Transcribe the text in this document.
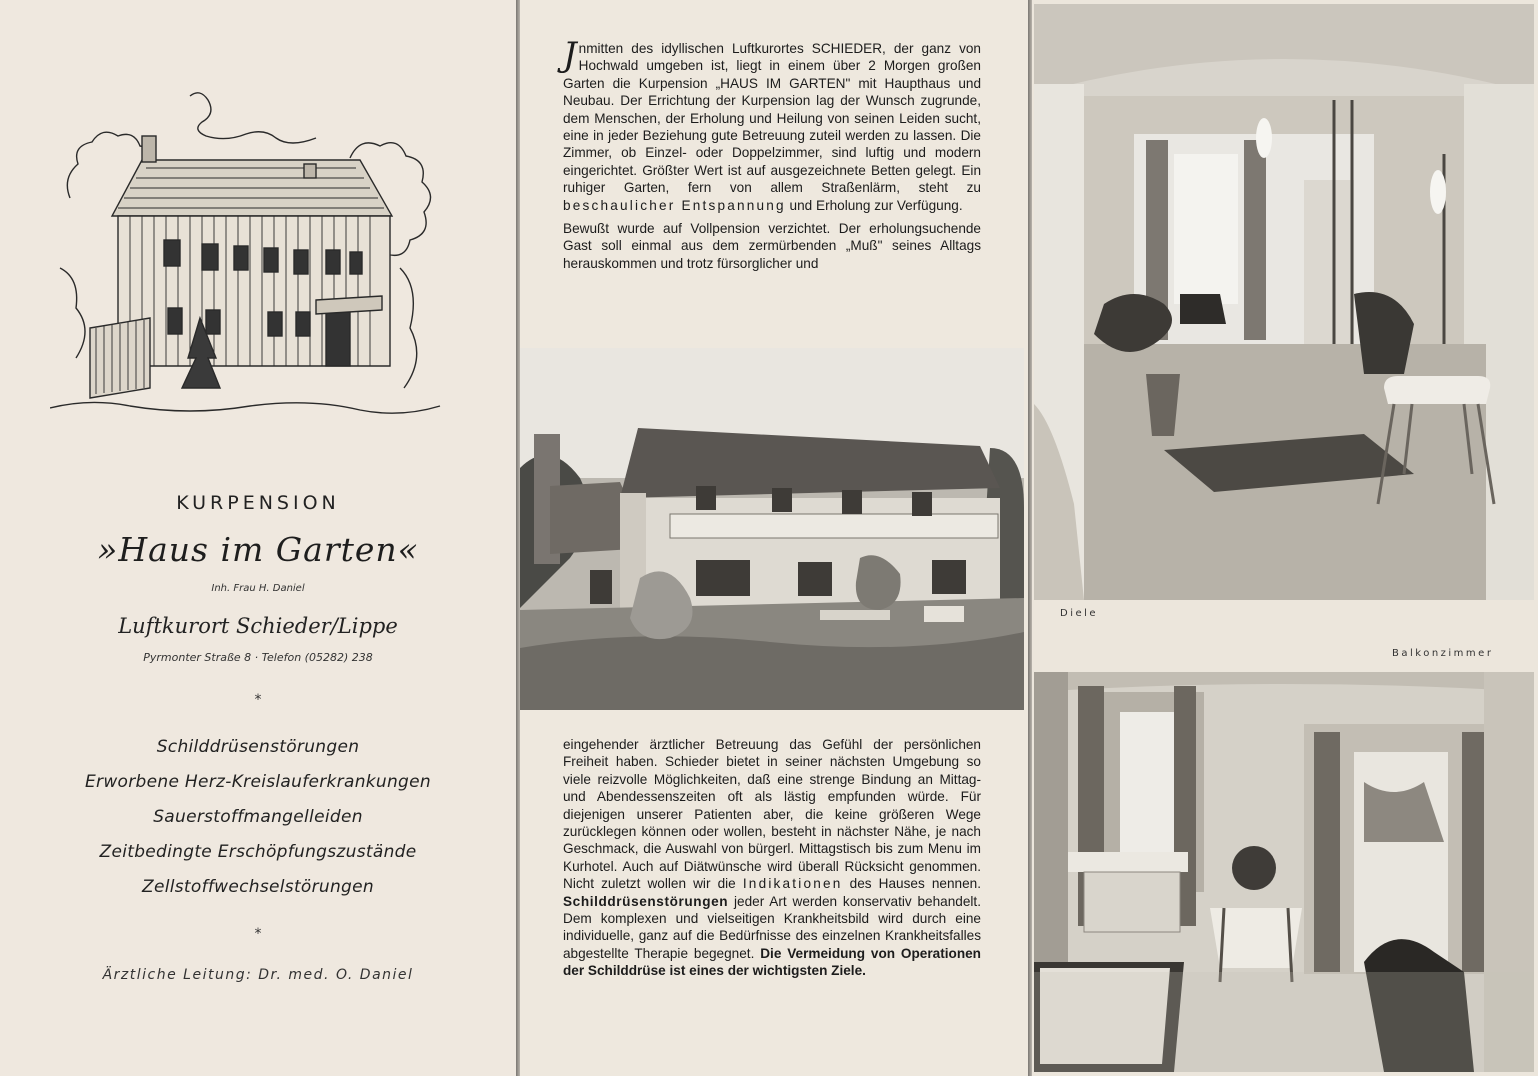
KURPENSION
»Haus im Garten«
Inh. Frau H. Daniel
Luftkurort Schieder/Lippe
Pyrmonter Straße 8 · Telefon (05282) 238
*
Schilddrüsenstörungen
Erworbene Herz-Kreislauferkrankungen
Sauerstoffmangelleiden
Zeitbedingte Erschöpfungszustände
Zellstoffwechselstörungen
*
Ärztliche Leitung: Dr. med. O. Daniel

Jnmitten des idyllischen Luftkurortes SCHIEDER, der ganz von Hochwald umgeben ist, liegt in einem über 2 Morgen großen Garten die Kurpension „HAUS IM GARTEN" mit Haupthaus und Neubau. Der Errichtung der Kurpension lag der Wunsch zugrunde, dem Menschen, der Erholung und Heilung von seinen Leiden sucht, eine in jeder Beziehung gute Betreuung zuteil werden zu lassen. Die Zimmer, ob Einzel- oder Doppelzimmer, sind luftig und modern eingerichtet. Größter Wert ist auf ausgezeichnete Betten gelegt. Ein ruhiger Garten, fern von allem Straßenlärm, steht zu beschaulicher Entspannung und Erholung zur Verfügung.

Bewußt wurde auf Vollpension verzichtet. Der erholungsuchende Gast soll einmal aus dem zermürbenden „Muß" seines Alltags herauskommen und trotz fürsorglicher und

eingehender ärztlicher Betreuung das Gefühl der persönlichen Freiheit haben. Schieder bietet in seiner nächsten Umgebung so viele reizvolle Möglichkeiten, daß eine strenge Bindung an Mittag- und Abendessenszeiten oft als lästig empfunden würde. Für diejenigen unserer Patienten aber, die keine größeren Wege zurücklegen können oder wollen, besteht in nächster Nähe, je nach Geschmack, die Auswahl von bürgerl. Mittagstisch bis zum Menu im Kurhotel. Auch auf Diätwünsche wird überall Rücksicht genommen. Nicht zuletzt wollen wir die Indikationen des Hauses nennen. Schilddrüsenstörungen jeder Art werden konservativ behandelt. Dem komplexen und vielseitigen Krankheitsbild wird durch eine individuelle, ganz auf die Bedürfnisse des einzelnen Krankheitsfalles abgestellte Therapie begegnet. Die Vermeidung von Operationen der Schilddrüse ist eines der wichtigsten Ziele.

Diele
Balkonzimmer
